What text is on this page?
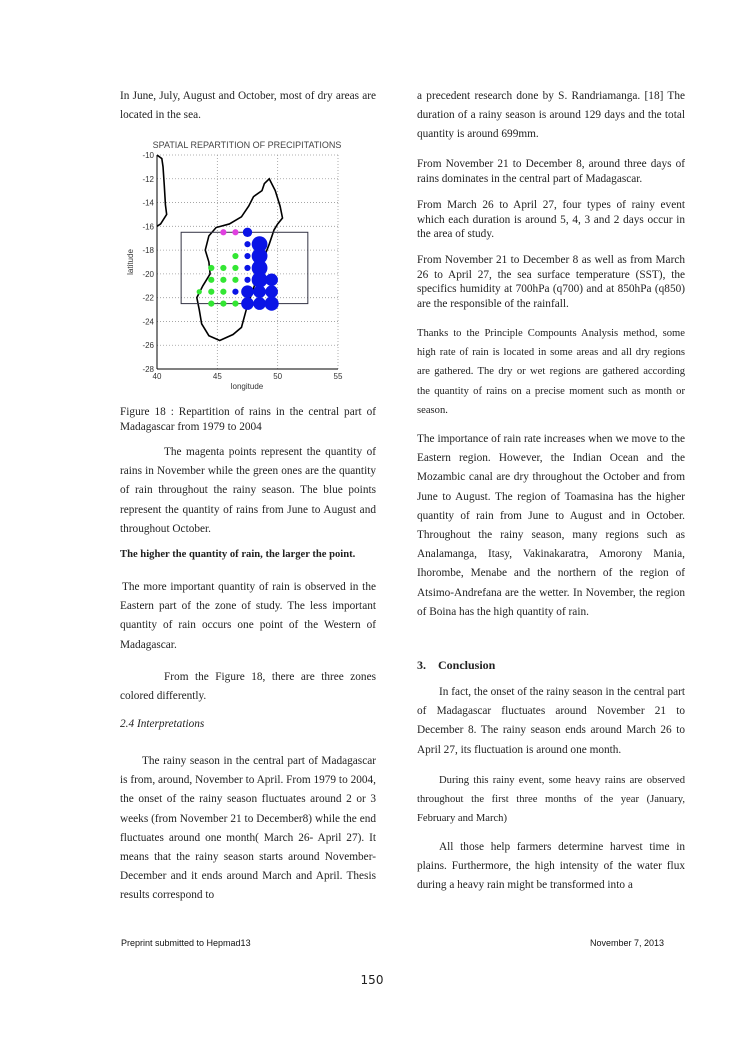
In June, July, August and October, most of dry areas are located in the sea.

SPATIAL REPARTITION OF PRECIPITATIONS
40	45	50	55
-10
-12
-14
-16
-18
-20
-22
-24
-26
-28
longitude
latitude

Figure 18 : Repartition of rains in the central part of Madagascar from 1979 to 2004

The magenta points represent the quantity of rains in November while the green ones are the quantity of rain throughout the rainy season. The blue points represent the quantity of rains from June to August and throughout October.

The higher the quantity of rain, the larger the point.

The more important quantity of rain is observed in the Eastern part of the zone of study. The less important quantity of rain occurs one point of the Western of Madagascar.

From the Figure 18, there are three zones colored differently.

2.4 Interpretations

The rainy season in the central part of Madagascar is from, around, November to April. From 1979 to 2004, the onset of the rainy season fluctuates around 2 or 3 weeks (from November 21 to December8) while the end fluctuates around one month( March 26- April 27). It means that the rainy season starts around November-December and it ends around March and April. Thesis results correspond to

a precedent research done by S. Randriamanga. [18] The duration of a rainy season is around 129 days and the total quantity is around 699mm.

From November 21 to December 8, around three days of rains dominates in the central part of Madagascar.

From March 26 to April 27, four types of rainy event which each duration is around 5, 4, 3 and 2 days occur in the area of study.

From November 21 to December 8 as well as from March 26 to April 27, the sea surface temperature (SST), the specifics humidity at 700hPa (q700) and at 850hPa (q850) are the responsible of the rainfall.

Thanks to the Principle Compounts Analysis method, some high rate of rain is located in some areas and all dry regions are gathered. The dry or wet regions are gathered according the quantity of rains on a precise moment such as month or season.

The importance of rain rate increases when we move to the Eastern region. However, the Indian Ocean and the Mozambic canal are dry throughout the October and from June to August. The region of Toamasina has the higher quantity of rain from June to August and in October. Throughout the rainy season, many regions such as Analamanga, Itasy, Vakinakaratra, Amorony Mania, Ihorombe, Menabe and the northern of the region of Atsimo-Andrefana are the wetter. In November, the region of Boina has the high quantity of rain.

3.    Conclusion

In fact, the onset of the rainy season in the central part of Madagascar fluctuates around November 21 to December 8. The rainy season ends around March 26 to April 27, its fluctuation is around one month.

During this rainy event, some heavy rains are observed throughout the first three months of the year (January, February and March)

All those help farmers determine harvest time in plains. Furthermore, the high intensity of the water flux during a heavy rain might be transformed into a

Preprint submitted to Hepmad13	November 7, 2013
150
